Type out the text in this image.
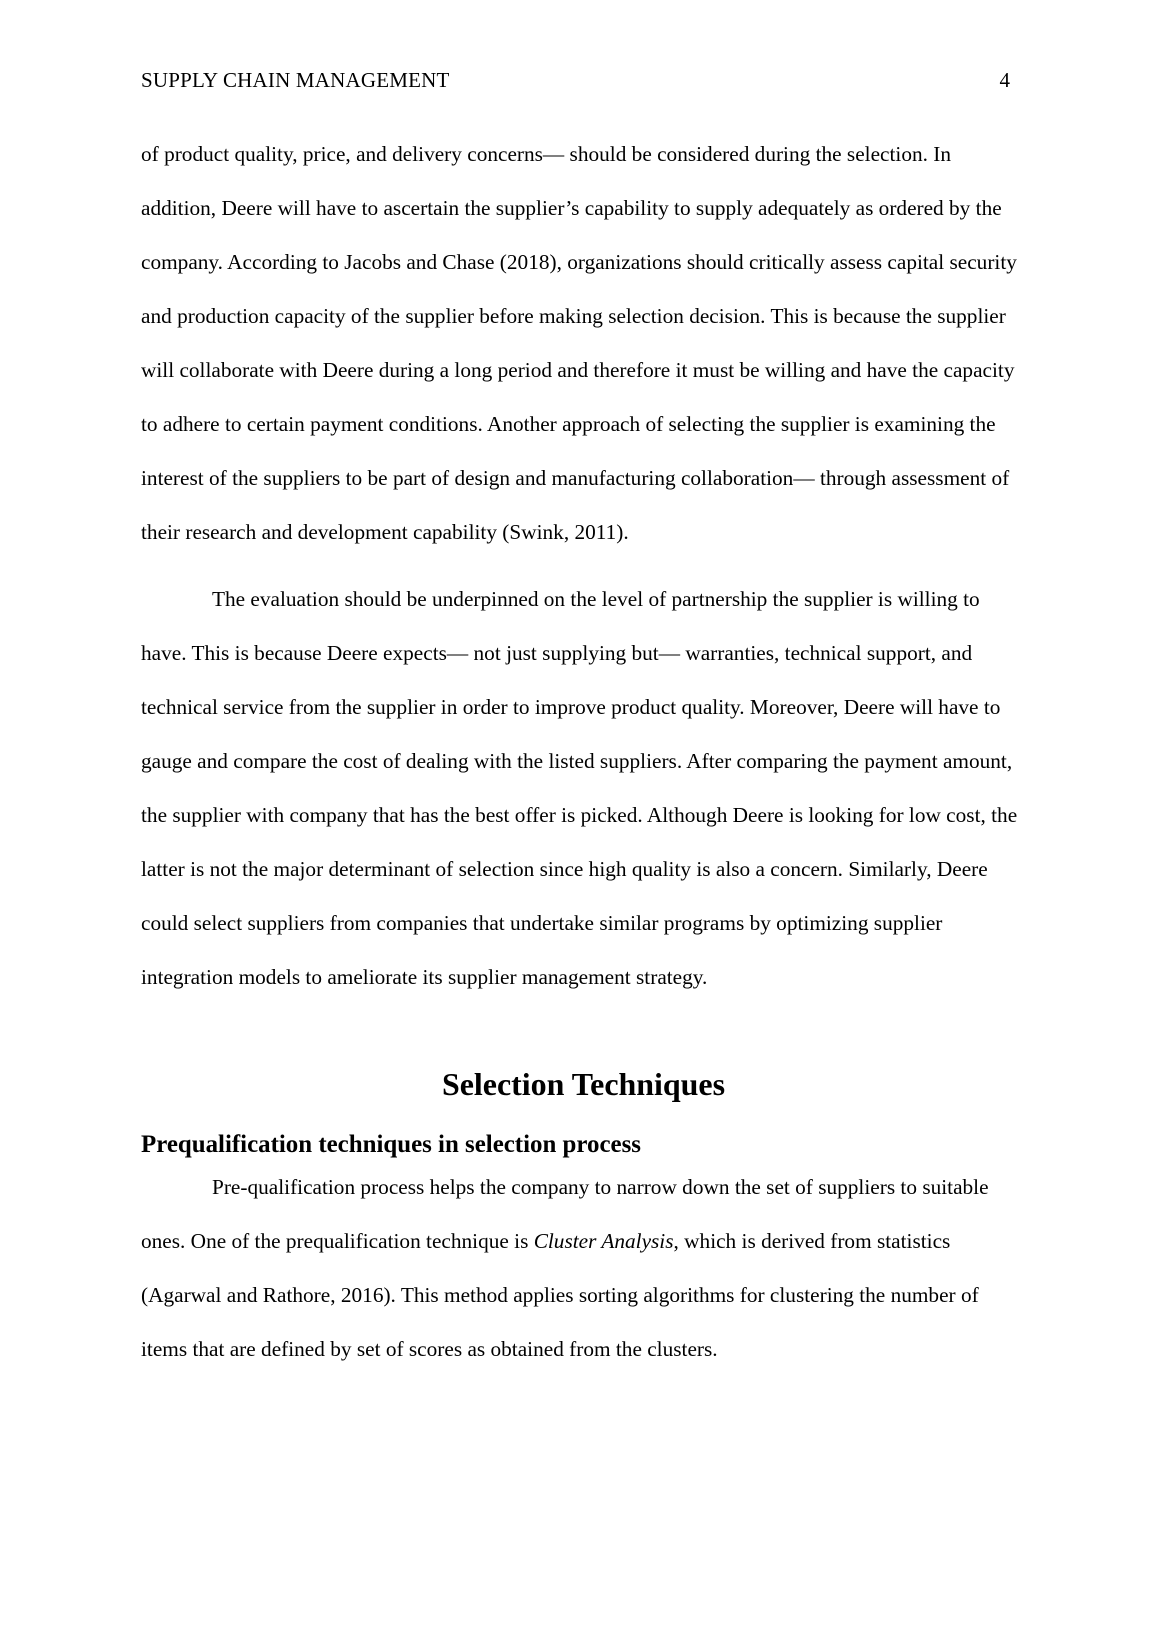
SUPPLY CHAIN MANAGEMENT	4

of product quality, price, and delivery concerns— should be considered during the selection. In addition, Deere will have to ascertain the supplier’s capability to supply adequately as ordered by the company. According to Jacobs and Chase (2018), organizations should critically assess capital security and production capacity of the supplier before making selection decision. This is because the supplier will collaborate with Deere during a long period and therefore it must be willing and have the capacity to adhere to certain payment conditions. Another approach of selecting the supplier is examining the interest of the suppliers to be part of design and manufacturing collaboration— through assessment of their research and development capability (Swink, 2011).

The evaluation should be underpinned on the level of partnership the supplier is willing to have. This is because Deere expects— not just supplying but— warranties, technical support, and technical service from the supplier in order to improve product quality. Moreover, Deere will have to gauge and compare the cost of dealing with the listed suppliers. After comparing the payment amount, the supplier with company that has the best offer is picked. Although Deere is looking for low cost, the latter is not the major determinant of selection since high quality is also a concern. Similarly, Deere could select suppliers from companies that undertake similar programs by optimizing supplier integration models to ameliorate its supplier management strategy.

Selection Techniques
Prequalification techniques in selection process

Pre-qualification process helps the company to narrow down the set of suppliers to suitable ones. One of the prequalification technique is Cluster Analysis, which is derived from statistics (Agarwal and Rathore, 2016). This method applies sorting algorithms for clustering the number of items that are defined by set of scores as obtained from the clusters.
